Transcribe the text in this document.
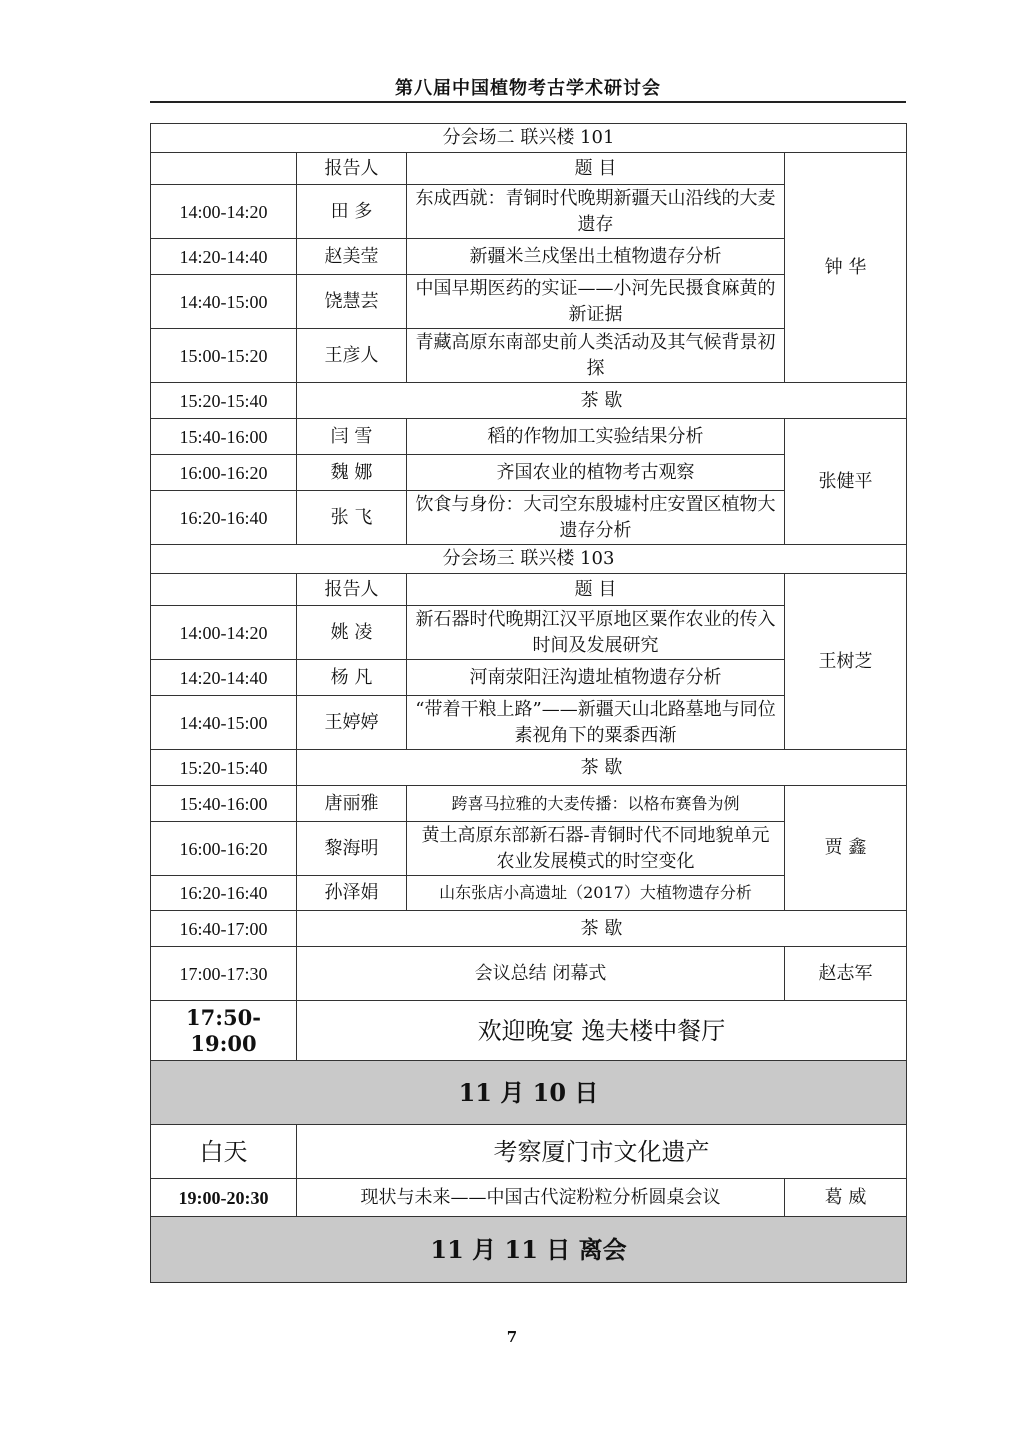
第八届中国植物考古学术研讨会
分会场二 联兴楼 101			
	报告人	题 目	钟 华
14:00-14:20	田 多	东成西就：青铜时代晚期新疆天山沿线的大麦遗存	
14:20-14:40	赵美莹	新疆米兰戍堡出土植物遗存分析	
14:40-15:00	饶慧芸	中国早期医药的实证——小河先民摄食麻黄的新证据	
15:00-15:20	王彦人	青藏高原东南部史前人类活动及其气候背景初探	
15:20-15:40	茶 歇		
15:40-16:00	闫 雪	稻的作物加工实验结果分析	张健平
16:00-16:20	魏 娜	齐国农业的植物考古观察	
16:20-16:40	张 飞	饮食与身份：大司空东殷墟村庄安置区植物大遗存分析	
分会场三 联兴楼 103			
	报告人	题 目	王树芝
14:00-14:20	姚 凌	新石器时代晚期江汉平原地区粟作农业的传入时间及发展研究	
14:20-14:40	杨 凡	河南荥阳汪沟遗址植物遗存分析	
14:40-15:00	王婷婷	“带着干粮上路”——新疆天山北路墓地与同位素视角下的粟黍西渐	
15:20-15:40	茶 歇		
15:40-16:00	唐丽雅	跨喜马拉雅的大麦传播：以格布赛鲁为例	贾 鑫
16:00-16:20	黎海明	黄土高原东部新石器-青铜时代不同地貌单元农业发展模式的时空变化	
16:20-16:40	孙泽娟	山东张店小高遗址（2017）大植物遗存分析	
16:40-17:00	茶 歇		
17:00-17:30	会议总结 闭幕式		赵志军
17:50-19:00	欢迎晚宴 逸夫楼中餐厅		
11 月 10 日			
白天	考察厦门市文化遗产		
19:00-20:30	现状与未来——中国古代淀粉粒分析圆桌会议		葛 威
11 月 11 日 离会			
7
